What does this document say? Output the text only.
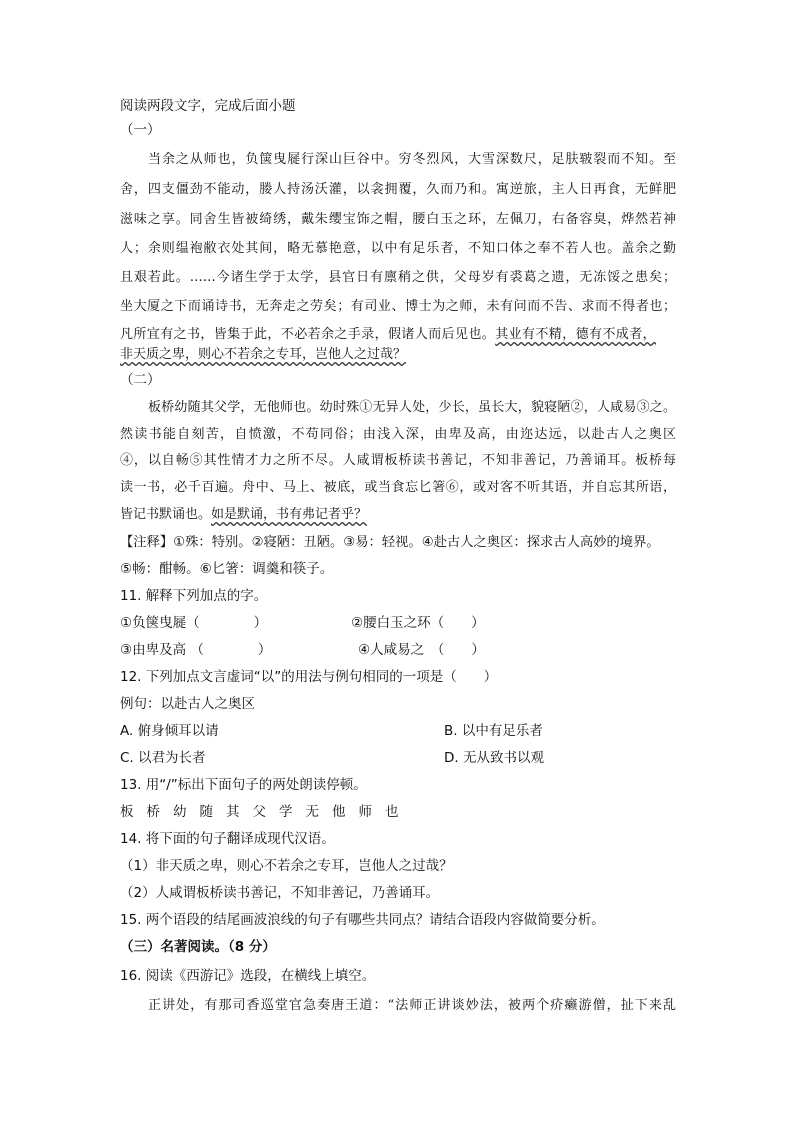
阅读两段文字，完成后面小题
（一）
当余之从师也，负箧曳屣行深山巨谷中。穷冬烈风，大雪深数尺，足肤皲裂而不知。至
舍，四支僵劲不能动，媵人持汤沃灌，以衾拥覆，久而乃和。寓逆旅，主人日再食，无鲜肥
滋味之享。同舍生皆被绮绣，戴朱缨宝饰之帽，腰白玉之环，左佩刀，右备容臭，烨然若神
人；余则缊袍敝衣处其间，略无慕艳意，以中有足乐者，不知口体之奉不若人也。盖余之勤
且艰若此。……今诸生学于太学，县官日有廪稍之供，父母岁有裘葛之遗，无冻馁之患矣；
坐大厦之下而诵诗书，无奔走之劳矣；有司业、博士为之师，未有问而不告、求而不得者也；
凡所宜有之书，皆集于此，不必若余之手录，假诸人而后见也。其业有不精，德有不成者，
非天质之卑，则心不若余之专耳，岂他人之过哉？
（二）
板桥幼随其父学，无他师也。幼时殊①无异人处，少长，虽长大，貌寝陋②，人咸易③之。
然读书能自刻苦，自愤激，不苟同俗；由浅入深，由卑及高，由迩达远，以赴古人之奥区
④，以自畅⑤其性情才力之所不尽。人咸谓板桥读书善记，不知非善记，乃善诵耳。板桥每
读一书，必千百遍。舟中、马上、被底，或当食忘匕箸⑥，或对客不听其语，并自忘其所语，
皆记书默诵也。如是默诵，书有弗记者乎？
【注释】①殊：特别。②寝陋：丑陋。③易：轻视。④赴古人之奥区：探求古人高妙的境界。
⑤畅：酣畅。⑥匕箸：调羹和筷子。
11. 解释下列加点的字。
①负箧曳屣（　　　　）	②腰白玉之环（　　）
③由卑及高 （　　　　）	④人咸易之　（　　）
12. 下列加点文言虚词“以”的用法与例句相同的一项是（　　）
例句：以赴古人之奥区
A. 俯身倾耳以请	B. 以中有足乐者
C. 以君为长者	D. 无从致书以观
13. 用“/”标出下面句子的两处朗读停顿。
板桥幼随其父学无他师也
14. 将下面的句子翻译成现代汉语。
（1）非天质之卑，则心不若余之专耳，岂他人之过哉？
（2）人咸谓板桥读书善记，不知非善记，乃善诵耳。
15. 两个语段的结尾画波浪线的句子有哪些共同点？请结合语段内容做简要分析。
（三）名著阅读。（8 分）
16. 阅读《西游记》选段，在横线上填空。
正讲处，有那司香巡堂官急奏唐王道：“法师正讲谈妙法，被两个疥癞游僧，扯下来乱
